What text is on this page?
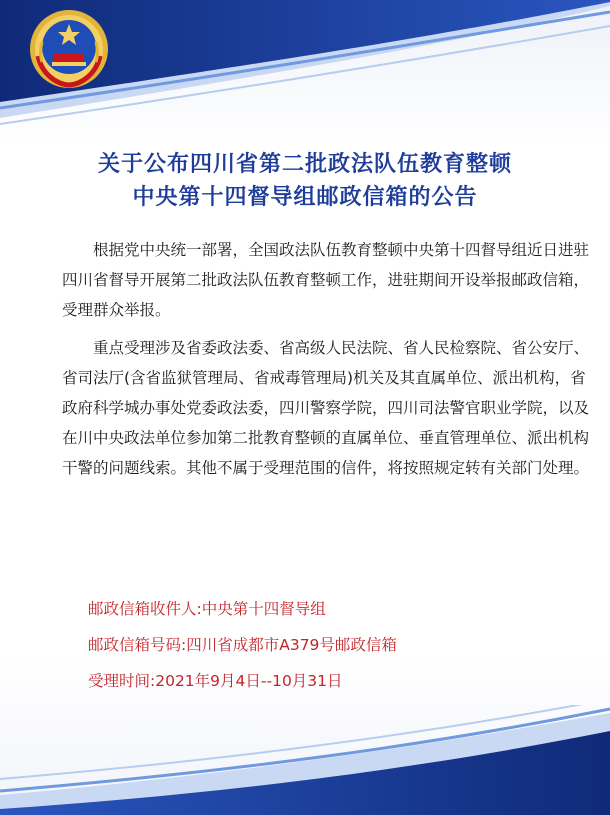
关于公布四川省第二批政法队伍教育整顿
中央第十四督导组邮政信箱的公告

根据党中央统一部署，全国政法队伍教育整顿中央第十四督导组近日进驻四川省督导开展第二批政法队伍教育整顿工作，进驻期间开设举报邮政信箱，受理群众举报。

重点受理涉及省委政法委、省高级人民法院、省人民检察院、省公安厅、省司法厅(含省监狱管理局、省戒毒管理局)机关及其直属单位、派出机构，省政府科学城办事处党委政法委，四川警察学院，四川司法警官职业学院，以及在川中央政法单位参加第二批教育整顿的直属单位、垂直管理单位、派出机构干警的问题线索。其他不属于受理范围的信件，将按照规定转有关部门处理。

邮政信箱收件人:中央第十四督导组
邮政信箱号码:四川省成都市A379号邮政信箱
受理时间:2021年9月4日--10月31日
